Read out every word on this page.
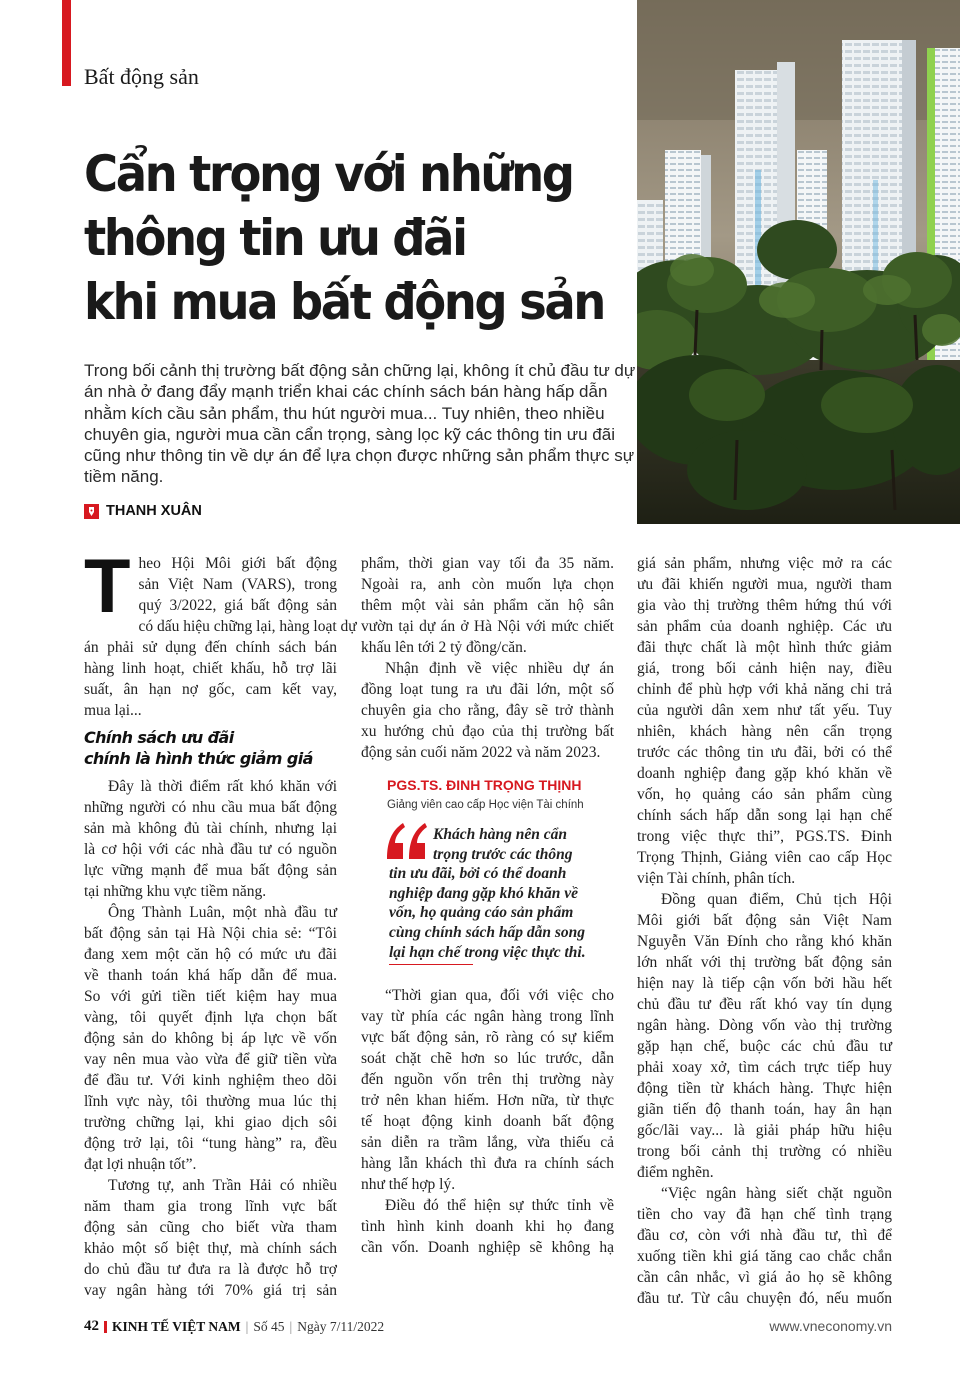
Bất động sản
Cẩn trọng với những
thông tin ưu đãi
khi mua bất động sản
Trong bối cảnh thị trường bất động sản chững lại, không ít chủ đầu tư dự
án nhà ở đang đẩy mạnh triển khai các chính sách bán hàng hấp dẫn
nhằm kích cầu sản phẩm, thu hút người mua... Tuy nhiên, theo nhiều
chuyên gia, người mua cần cẩn trọng, sàng lọc kỹ các thông tin ưu đãi
cũng như thông tin về dự án để lựa chọn được những sản phẩm thực sự
tiềm năng.
THANH XUÂN
T heo Hội Môi giới bất động
sản Việt Nam (VARS), trong
quý 3/2022, giá bất động sản
có dấu hiệu chững lại, hàng loạt dự
án phải sử dụng đến chính sách bán
hàng linh hoạt, chiết khấu, hỗ trợ lãi
suất, ân hạn nợ gốc, cam kết vay,
mua lại...
Chính sách ưu đãi
chính là hình thức giảm giá
Đây là thời điểm rất khó khăn với
những người có nhu cầu mua bất động
sản mà không đủ tài chính, nhưng lại
là cơ hội với các nhà đầu tư có nguồn
lực vững mạnh để mua bất động sản
tại những khu vực tiềm năng.
Ông Thành Luân, một nhà đầu tư
bất động sản tại Hà Nội chia sẻ: “Tôi
đang xem một căn hộ có mức ưu đãi
về thanh toán khá hấp dẫn để mua.
So với gửi tiền tiết kiệm hay mua
vàng, tôi quyết định lựa chọn bất
động sản do không bị áp lực về vốn
vay nên mua vào vừa để giữ tiền vừa
để đầu tư. Với kinh nghiệm theo dõi
lĩnh vực này, tôi thường mua lúc thị
trường chững lại, khi giao dịch sôi
động trở lại, tôi “tung hàng” ra, đều
đạt lợi nhuận tốt”.
Tương tự, anh Trần Hải có nhiều
năm tham gia trong lĩnh vực bất
động sản cũng cho biết vừa tham
khảo một số biệt thự, mà chính sách
do chủ đầu tư đưa ra là được hỗ trợ
vay ngân hàng tới 70% giá trị sản
phẩm, thời gian vay tối đa 35 năm.
Ngoài ra, anh còn muốn lựa chọn
thêm một vài sản phẩm căn hộ sân
vườn tại dự án ở Hà Nội với mức chiết
khấu lên tới 2 tỷ đồng/căn.
Nhận định về việc nhiều dự án
đồng loạt tung ra ưu đãi lớn, một số
chuyên gia cho rằng, đây sẽ trở thành
xu hướng chủ đạo của thị trường bất
động sản cuối năm 2022 và năm 2023.
PGS.TS. ĐINH TRỌNG THỊNH
Giảng viên cao cấp Học viện Tài chính
Khách hàng nên cẩn
trọng trước các thông
tin ưu đãi, bởi có thể doanh
nghiệp đang gặp khó khăn về
vốn, họ quảng cáo sản phẩm
cùng chính sách hấp dẫn song
lại hạn chế trong việc thực thi.
“Thời gian qua, đối với việc cho
vay từ phía các ngân hàng trong lĩnh
vực bất động sản, rõ ràng có sự kiểm
soát chặt chẽ hơn so lúc trước, dẫn
đến nguồn vốn trên thị trường này
trở nên khan hiếm. Hơn nữa, từ thực
tế hoạt động kinh doanh bất động
sản diễn ra trầm lắng, vừa thiếu cả
hàng lẫn khách thì đưa ra chính sách
như thế hợp lý.
Điều đó thể hiện sự thức tỉnh về
tình hình kinh doanh khi họ đang
cần vốn. Doanh nghiệp sẽ không hạ
giá sản phẩm, nhưng việc mở ra các
ưu đãi khiến người mua, người tham
gia vào thị trường thêm hứng thú với
sản phẩm của doanh nghiệp. Các ưu
đãi thực chất là một hình thức giảm
giá, trong bối cảnh hiện nay, điều
chỉnh để phù hợp với khả năng chi trả
của người dân xem như tất yếu. Tuy
nhiên, khách hàng nên cẩn trọng
trước các thông tin ưu đãi, bởi có thể
doanh nghiệp đang gặp khó khăn về
vốn, họ quảng cáo sản phẩm cùng
chính sách hấp dẫn song lại hạn chế
trong việc thực thi”, PGS.TS. Đinh
Trọng Thịnh, Giảng viên cao cấp Học
viện Tài chính, phân tích.
Đồng quan điểm, Chủ tịch Hội
Môi giới bất động sản Việt Nam
Nguyễn Văn Đính cho rằng khó khăn
lớn nhất với thị trường bất động sản
hiện nay là tiếp cận vốn bởi hầu hết
chủ đầu tư đều rất khó vay tín dụng
ngân hàng. Dòng vốn vào thị trường
gặp hạn chế, buộc các chủ đầu tư
phải xoay xở, tìm cách trực tiếp huy
động tiền từ khách hàng. Thực hiện
giãn tiến độ thanh toán, hay ân hạn
gốc/lãi vay... là giải pháp hữu hiệu
trong bối cảnh thị trường có nhiều
điểm nghẽn.
“Việc ngân hàng siết chặt nguồn
tiền cho vay đã hạn chế tình trạng
đầu cơ, còn với nhà đầu tư, thì để
xuống tiền khi giá tăng cao chắc chắn
cần cân nhắc, vì giá ảo họ sẽ không
đầu tư. Từ câu chuyện đó, nếu muốn
42 KINH TẾ VIỆT NAM | Số 45 | Ngày 7/11/2022	www.vneconomy.vn
